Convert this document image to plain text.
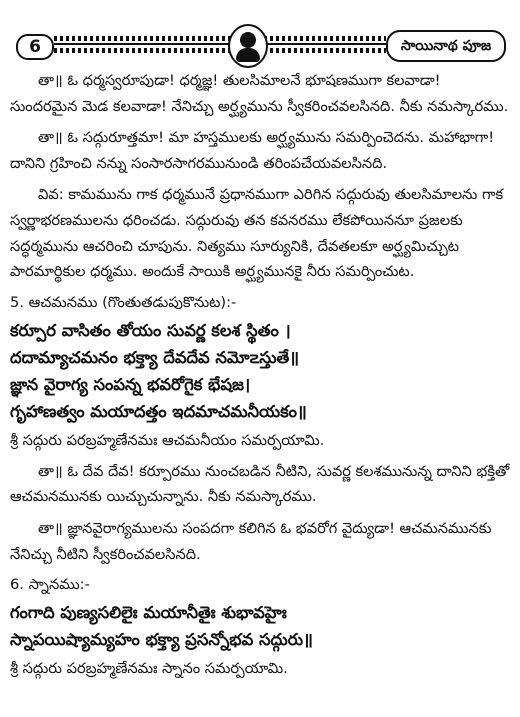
6	సాయినాథ పూజ

తా॥ ఓ ధర్మస్వరూపుడా! ధర్మజ్ఞ! తులసిమాలనే భూషణముగా కలవాడా! సుందరమైన మెడ కలవాడా! నేనిచ్చు అర్ఘ్యమును స్వీకరించవలసినది. నీకు నమస్కారము.

తా॥ ఓ సద్గురూత్తమా! మా హస్తములకు అర్ఘ్యమును సమర్పించెదను. మహాభాగా! దానిని గ్రహించి నన్ను సంసారసాగరమునుండి తరింపచేయవలసినది.

వివ: కామమును గాక ధర్మమునే ప్రధానముగా ఎరిగిన సద్గురువు తులసిమాలను గాక స్వర్ణాభరణములను ధరించడు. సద్గురువు తన కవనరము లేకపోయిననూ ప్రజలకు సద్ధర్మమును ఆచరించి చూపును. నిత్యము సూర్యునికి, దేవతలకూ అర్ఘ్యమిచ్చుట పారమార్థికుల ధర్మము. అందుకే సాయికి అర్ఘ్యమునకై నీరు సమర్పించుట.

5. ఆచమనము (గొంతుతడుపుకొనుట):-

కర్పూర వాసితం తోయం సువర్ణ కలశ స్థితం ।

దదామ్యాచమనం భక్త్యా దేవదేవ నమో౽స్తుతే॥

జ్ఞాన వైరాగ్య సంపన్న భవరోగైక భేషజ।

గృహాణత్వం మయాదత్తం ఇదమాచమనీయకం॥

శ్రీ సద్గురు పరబ్రహ్మణేనమః ఆచమనీయం సమర్పయామి.

తా॥ ఓ దేవ దేవ! కర్పూరము నుంచబడిన నీటిని, సువర్ణ కలశమునున్న దానిని భక్తితో ఆచమనమునకు యిచ్చుచున్నాను. నీకు నమస్కారము.

తా॥ జ్ఞానవైరాగ్యములను సంపదగా కలిగిన ఓ భవరోగ వైద్యుడా! ఆచమనమునకు నేనిచ్చు నీటిని స్వీకరించవలసినది.

6. స్నానము:-

గంగాది పుణ్యసలిలైః మయానీతైః శుభావహైః

స్నాపయిష్యామ్యహం భక్త్యా ప్రసన్నోభవ సద్గురు॥

శ్రీ సద్గురు పరబ్రహ్మణేనమః స్నానం సమర్పయామి.
